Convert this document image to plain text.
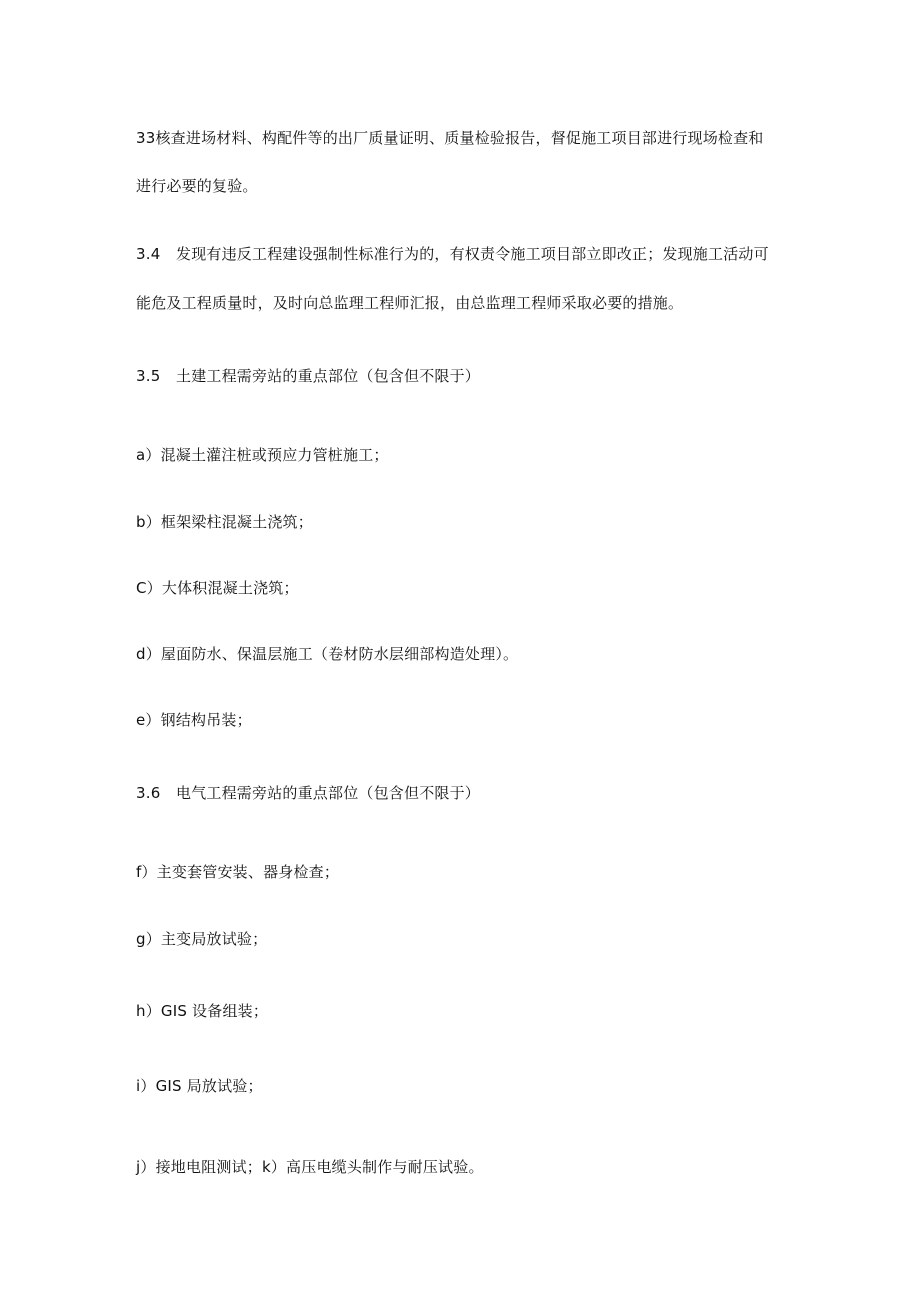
33核查进场材料、构配件等的出厂质量证明、质量检验报告，督促施工项目部进行现场检查和
进行必要的复验。
3.4 发现有违反工程建设强制性标准行为的，有权责令施工项目部立即改正；发现施工活动可
能危及工程质量时，及时向总监理工程师汇报，由总监理工程师采取必要的措施。
3.5 土建工程需旁站的重点部位（包含但不限于）
a）混凝土灌注桩或预应力管桩施工；
b）框架梁柱混凝土浇筑；
C）大体积混凝土浇筑；
d）屋面防水、保温层施工（卷材防水层细部构造处理）。
e）钢结构吊装；
3.6 电气工程需旁站的重点部位（包含但不限于）
f）主变套管安装、器身检查；
g）主变局放试验；
h）GIS 设备组装；
i）GIS 局放试验；
j）接地电阻测试；k）高压电缆头制作与耐压试验。
